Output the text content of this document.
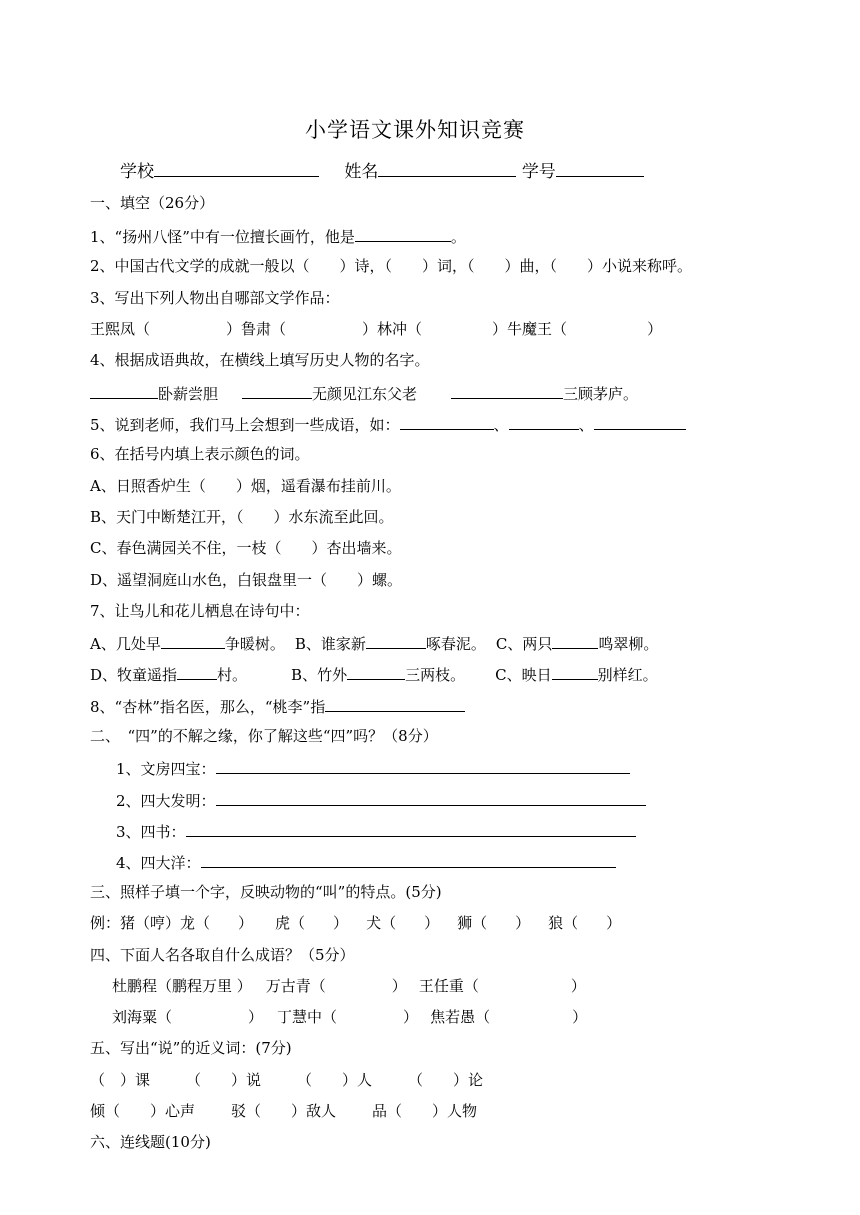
小学语文课外知识竞赛
学校	姓名	学号
一、填空（26分）
1、“扬州八怪”中有一位擅长画竹，他是	。
2、中国古代文学的成就一般以（　　）诗，（　　）词，（　　）曲，（　　）小说来称呼。
3、写出下列人物出自哪部文学作品：
王熙凤（	）鲁肃（	）林冲（	）牛魔王（	）
4、根据成语典故，在横线上填写历史人物的名字。
卧薪尝胆	无颜见江东父老	三顾茅庐。
5、说到老师，我们马上会想到一些成语，如：	、	、
6、在括号内填上表示颜色的词。
A、日照香炉生（　　）烟，遥看瀑布挂前川。
B、天门中断楚江开，（　　）水东流至此回。
C、春色满园关不住，一枝（　　）杏出墙来。
D、遥望洞庭山水色，白银盘里一（　　）螺。
7、让鸟儿和花儿栖息在诗句中：
A、几处早	争暖树。 B、谁家新	啄春泥。 C、两只	鸣翠柳。
D、牧童遥指	村。	B、竹外	三两枝。 C、映日	别样红。
8、“杏林”指名医，那么，“桃李”指
二、　“四”的不解之缘，你了解这些“四”吗？（8分）
1、文房四宝：
2、四大发明：
3、四书：
4、四大洋：
三、照样子填一个字，反映动物的“叫”的特点。(5分)
例：猪（哼）龙（ ） 虎（ ） 犬（ ） 狮（ ） 狼（ ）
四、下面人名各取自什么成语？（5分）
杜鹏程（鹏程万里 ） 万古青（	） 王任重（	）
刘海粟（	） 丁慧中（	） 焦若愚（	）
五、写出“说”的近义词：(7分)
（　）课 （　　）说 （　　）人 （　　）论
倾（　　）心声 驳（　　）敌人 品（　　）人物
六、连线题(10分)
